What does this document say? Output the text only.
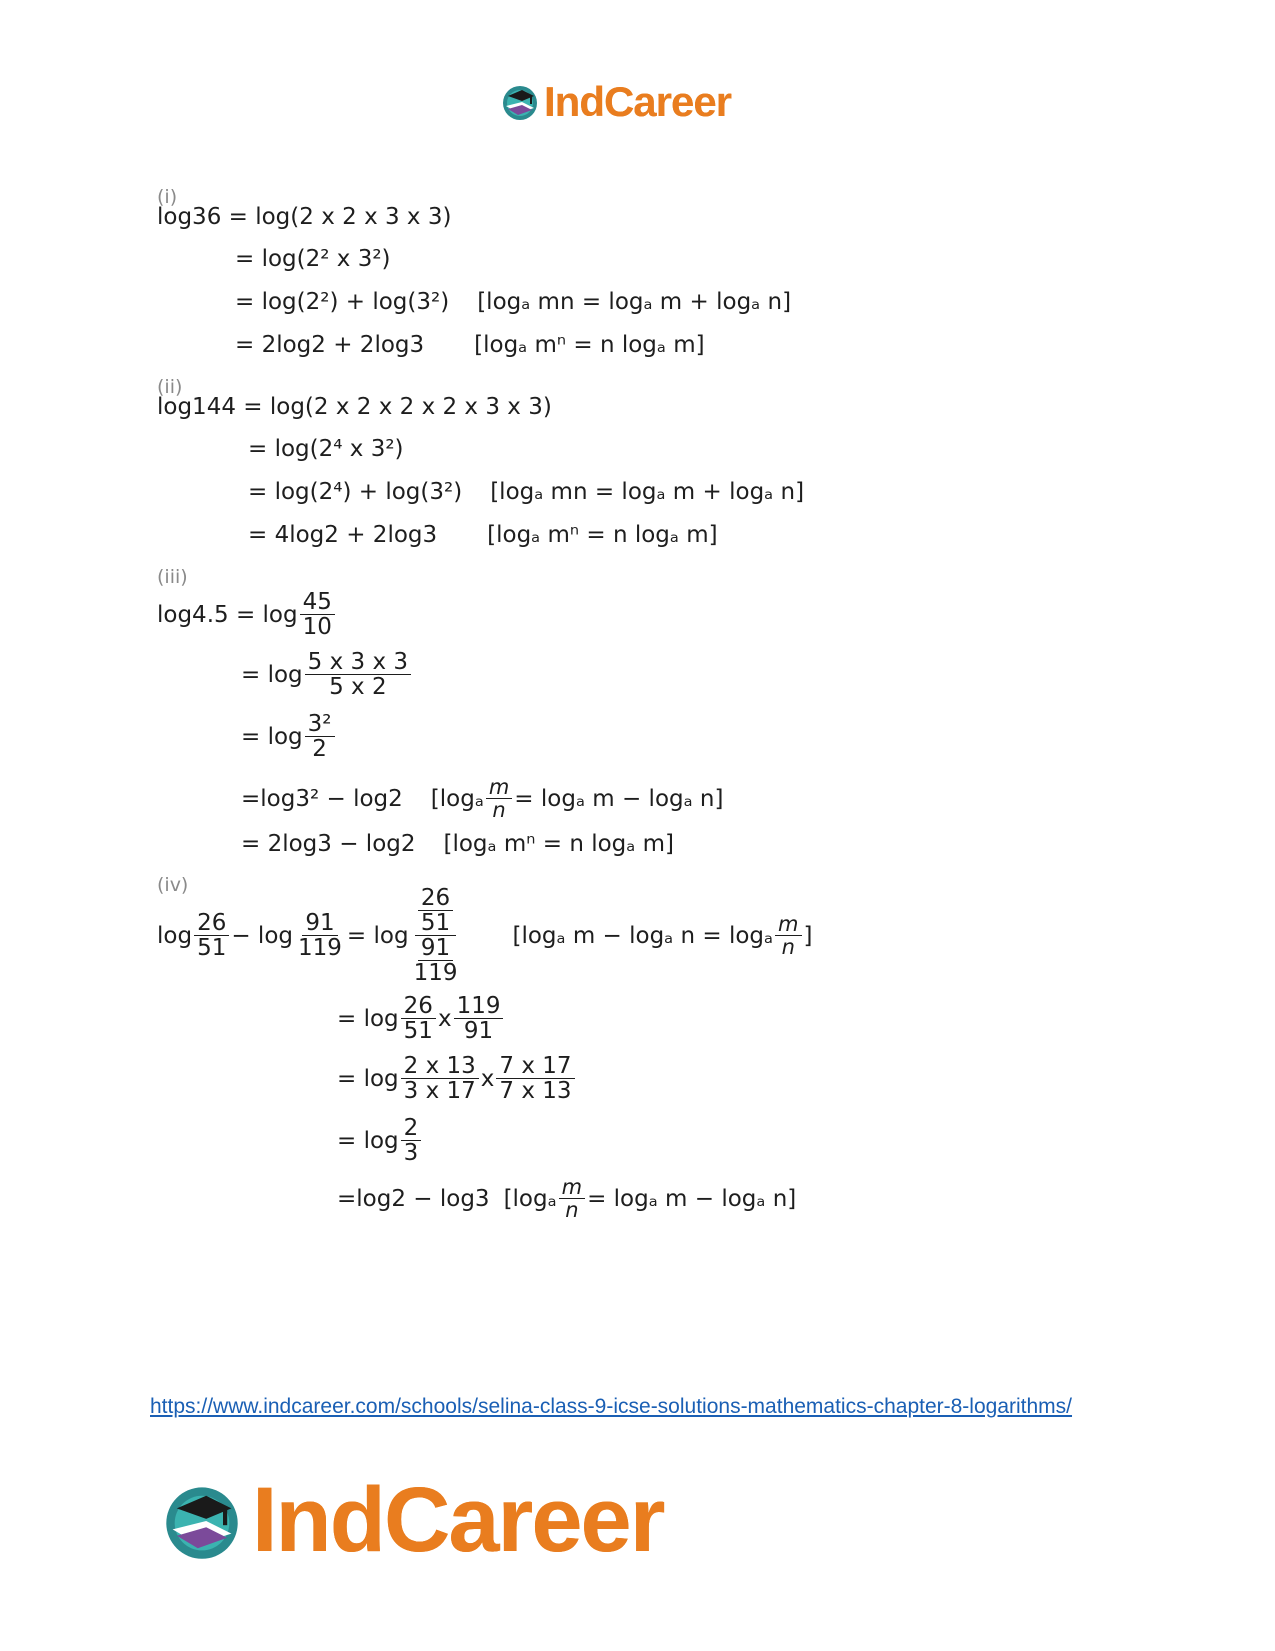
IndCareer
(i)
log36 = log(2 x 2 x 3 x 3)
= log(2² x 3²)
= log(2²) + log(3²) [logₐ mn = logₐ m + logₐ n]
= 2log2 + 2log3 [logₐ mⁿ = n logₐ m]
(ii)
log144 = log(2 x 2 x 2 x 2 x 3 x 3)
= log(2⁴ x 3²)
= log(2⁴) + log(3²) [logₐ mn = logₐ m + logₐ n]
= 4log2 + 2log3 [logₐ mⁿ = n logₐ m]
(iii)
log4.5 = log 45
10
= log 5 x 3 x 3
5 x 2
= log 3²
2
=log3² − log2 [$\log_a \frac{m}{n} = \log_a$ m − logₐ n]
= 2log3 − log2 [logₐ mⁿ = n logₐ m]
(iv)
log 26
$51 - \log \frac{91}{119} = \log$
26
51
91
119
[logₐ m − logₐ n = logₐ m
n ]
= log 26
51 x 119
91
= log 2 x 13
3 x 17 x 7 x 17
7 x 13
= log 2
3
=log2 − log3 [$\log_a \frac{m}{n} = \log_a$ m − logₐ n]
https://www.indcareer.com/schools/selina-class-9-icse-solutions-mathematics-chapter-8-logarithms/
IndCareer
